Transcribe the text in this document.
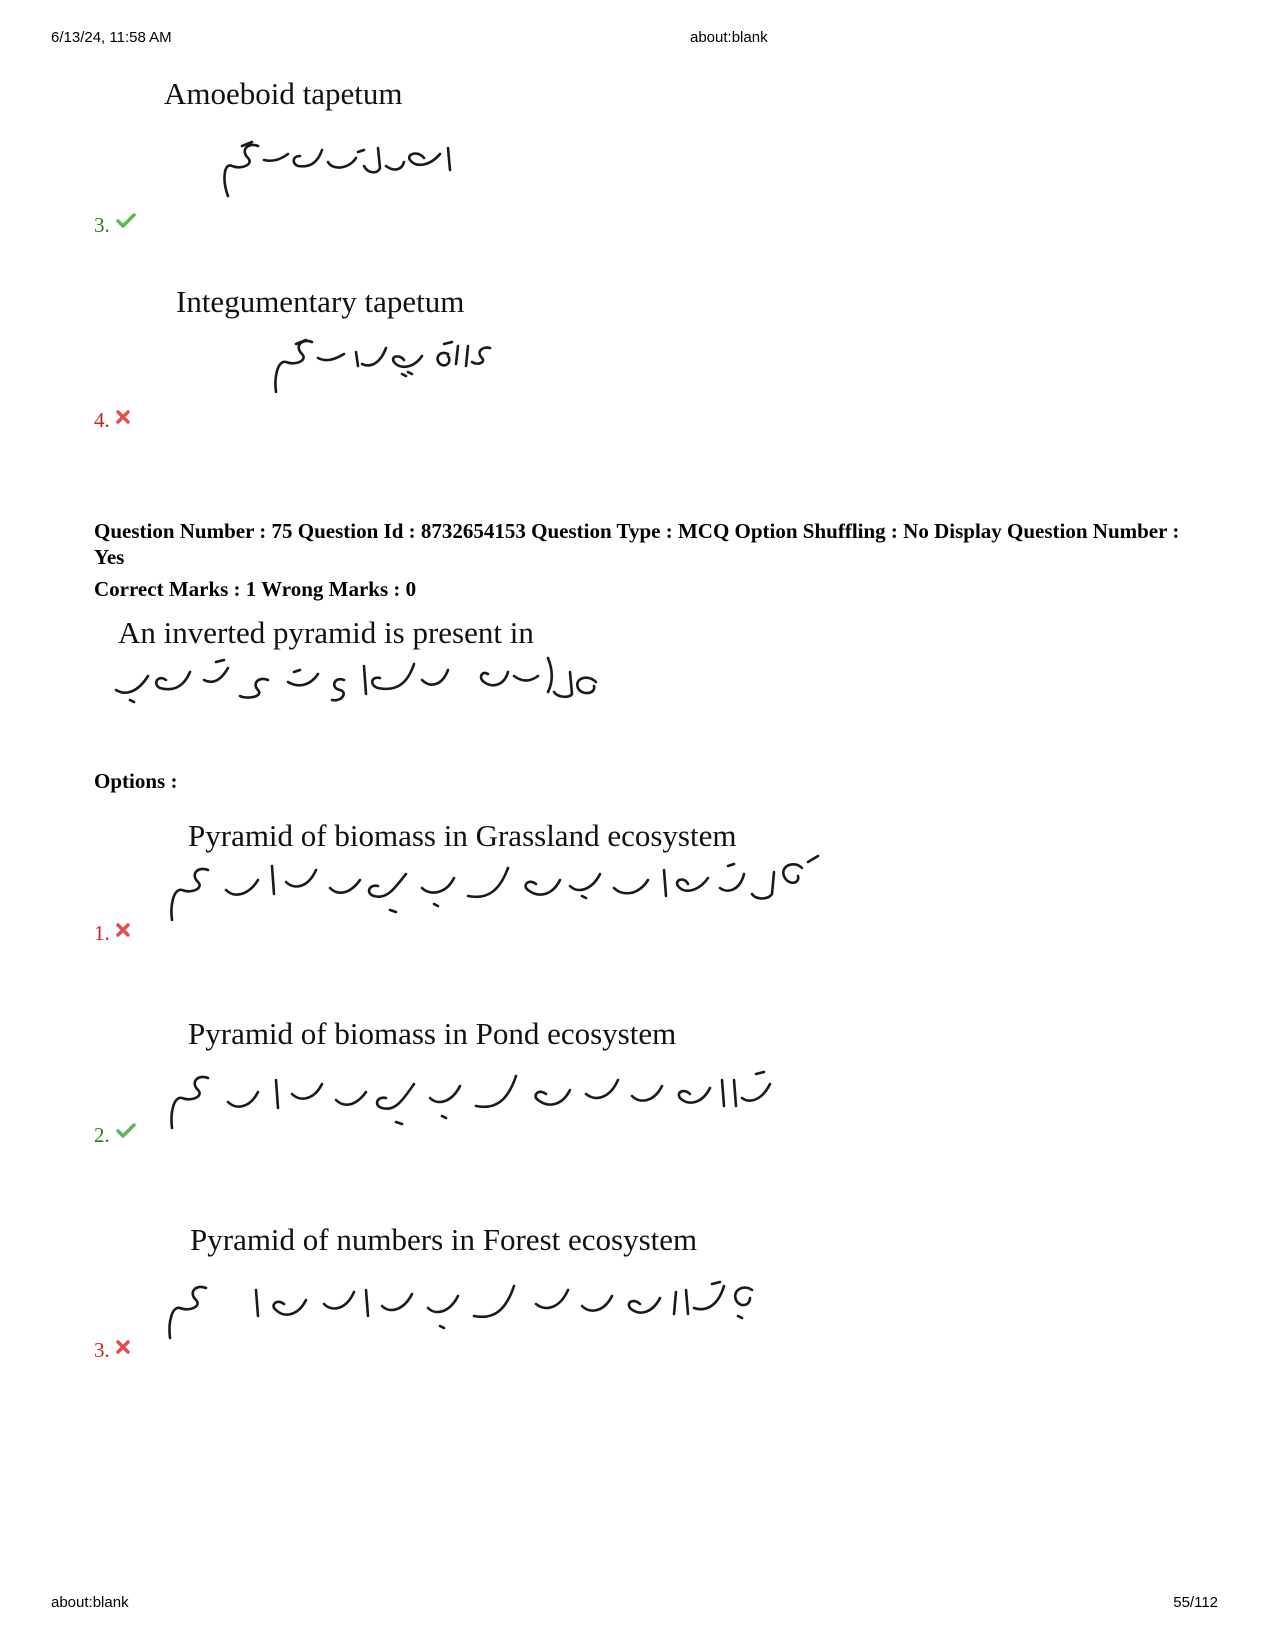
6/13/24, 11:58 AM	about:blank
Amoeboid tapetum
3.
Integumentary tapetum
4.
Question Number : 75 Question Id : 8732654153 Question Type : MCQ Option Shuffling : No Display Question Number : Yes
Correct Marks : 1 Wrong Marks : 0
An inverted pyramid is present in
Options :
Pyramid of biomass in Grassland ecosystem
1.
Pyramid of biomass in Pond ecosystem
2.
Pyramid of numbers in Forest ecosystem
3.
about:blank	55/112
